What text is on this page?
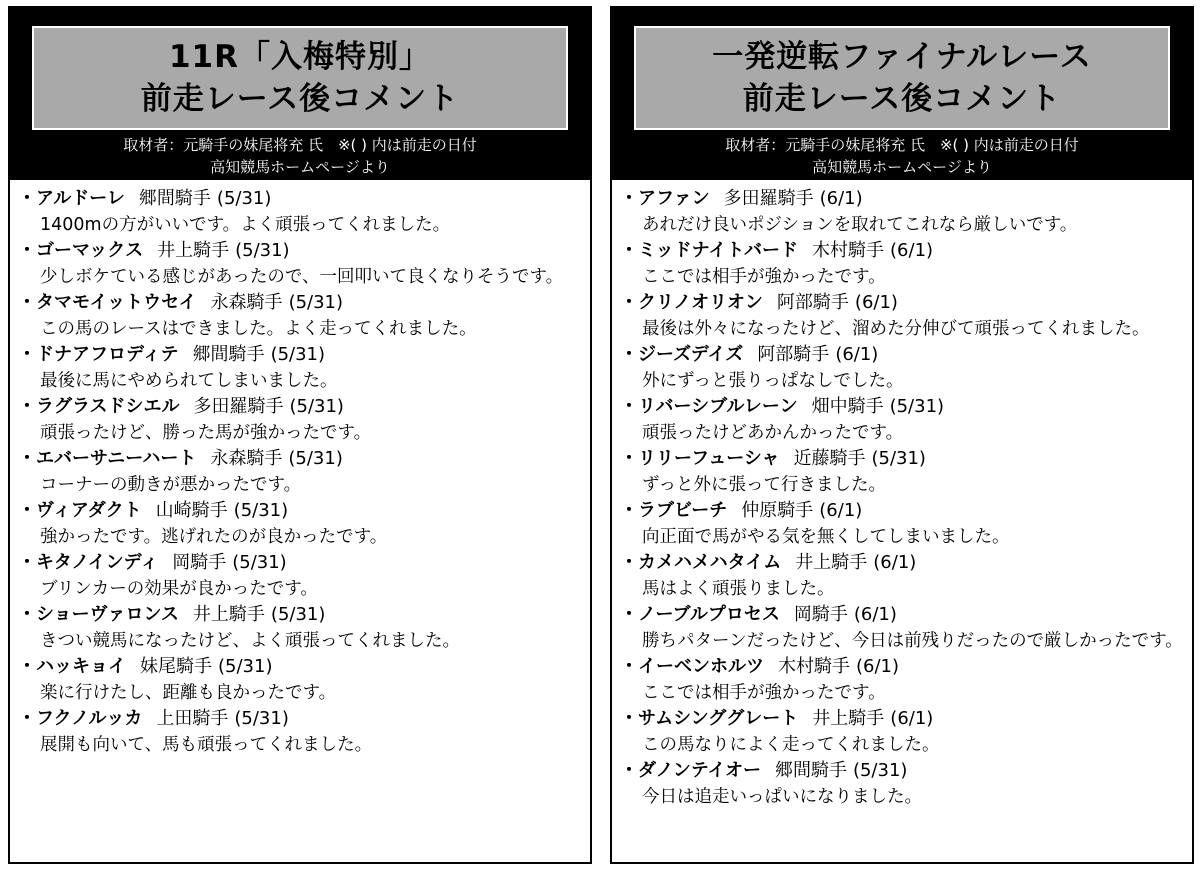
11R「入梅特別」
前走レース後コメント
取材者：元騎手の妹尾将充 氏　※( ) 内は前走の日付
高知競馬ホームページより
・アルドーレ 郷間騎手 (5/31)
1400mの方がいいです。よく頑張ってくれました。
・ゴーマックス 井上騎手 (5/31)
少しボケている感じがあったので、一回叩いて良くなりそうです。
・タマモイットウセイ 永森騎手 (5/31)
この馬のレースはできました。よく走ってくれました。
・ドナアフロディテ 郷間騎手 (5/31)
最後に馬にやめられてしまいました。
・ラグラスドシエル 多田羅騎手 (5/31)
頑張ったけど、勝った馬が強かったです。
・エバーサニーハート 永森騎手 (5/31)
コーナーの動きが悪かったです。
・ヴィアダクト 山崎騎手 (5/31)
強かったです。逃げれたのが良かったです。
・キタノインディ 岡騎手 (5/31)
ブリンカーの効果が良かったです。
・ショーヴァロンス 井上騎手 (5/31)
きつい競馬になったけど、よく頑張ってくれました。
・ハッキョイ 妹尾騎手 (5/31)
楽に行けたし、距離も良かったです。
・フクノルッカ 上田騎手 (5/31)
展開も向いて、馬も頑張ってくれました。
一発逆転ファイナルレース
前走レース後コメント
取材者：元騎手の妹尾将充 氏　※( ) 内は前走の日付
高知競馬ホームページより
・アファン 多田羅騎手 (6/1)
あれだけ良いポジションを取れてこれなら厳しいです。
・ミッドナイトバード 木村騎手 (6/1)
ここでは相手が強かったです。
・クリノオリオン 阿部騎手 (6/1)
最後は外々になったけど、溜めた分伸びて頑張ってくれました。
・ジーズデイズ 阿部騎手 (6/1)
外にずっと張りっぱなしでした。
・リバーシブルレーン 畑中騎手 (5/31)
頑張ったけどあかんかったです。
・リリーフューシャ 近藤騎手 (5/31)
ずっと外に張って行きました。
・ラブビーチ 仲原騎手 (6/1)
向正面で馬がやる気を無くしてしまいました。
・カメハメハタイム 井上騎手 (6/1)
馬はよく頑張りました。
・ノーブルプロセス 岡騎手 (6/1)
勝ちパターンだったけど、今日は前残りだったので厳しかったです。
・イーベンホルツ 木村騎手 (6/1)
ここでは相手が強かったです。
・サムシンググレート 井上騎手 (6/1)
この馬なりによく走ってくれました。
・ダノンテイオー 郷間騎手 (5/31)
今日は追走いっぱいになりました。
